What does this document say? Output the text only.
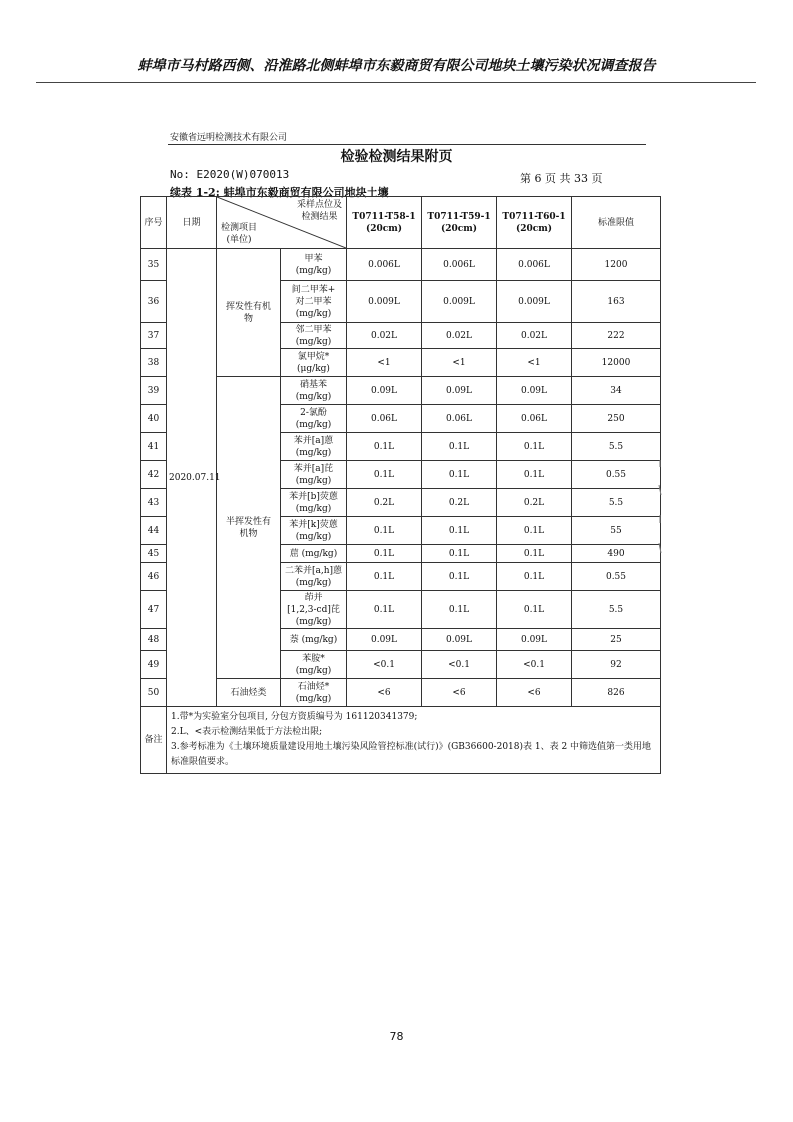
蚌埠市马村路西侧、沿淮路北侧蚌埠市东毅商贸有限公司地块土壤污染状况调查报告
安徽省远明检测技术有限公司
检验检测结果附页
No: E2020(W)070013	第 6 页 共 33 页
续表 1-2: 蚌埠市东毅商贸有限公司地块土壤
序号	日期	采样点位及
检测结果
检测项目
(单位)		T0711-T58-1
(20cm)	T0711-T59-1
(20cm)	T0711-T60-1
(20cm)	标准限值
35	2020.07.11	挥发性有机
物	甲苯
(mg/kg)	0.006L	0.006L	0.006L	1200
36			间二甲苯+
对二甲苯
(mg/kg)	0.009L	0.009L	0.009L	163
37			邻二甲苯
(mg/kg)	0.02L	0.02L	0.02L	222
38			氯甲烷*
(μg/kg)	<1	<1	<1	12000
39		半挥发性有
机物	硝基苯
(mg/kg)	0.09L	0.09L	0.09L	34
40			2-氯酚
(mg/kg)	0.06L	0.06L	0.06L	250
41			苯并[a]蒽
(mg/kg)	0.1L	0.1L	0.1L	5.5
42			苯并[a]芘
(mg/kg)	0.1L	0.1L	0.1L	0.55
43			苯并[b]荧蒽
(mg/kg)	0.2L	0.2L	0.2L	5.5
44			苯并[k]荧蒽
(mg/kg)	0.1L	0.1L	0.1L	55
45			䓛 (mg/kg)	0.1L	0.1L	0.1L	490
46			二苯并[a,h]蒽
(mg/kg)	0.1L	0.1L	0.1L	0.55
47			茚并
[1,2,3-cd]芘
(mg/kg)	0.1L	0.1L	0.1L	5.5
48			萘 (mg/kg)	0.09L	0.09L	0.09L	25
49			苯胺*
(mg/kg)	<0.1	<0.1	<0.1	92
50		石油烃类	石油烃*
(mg/kg)	<6	<6	<6	826
备注	1.带*为实验室分包项目, 分包方资质编号为 161120341379;
2.L、<表示检测结果低于方法检出限;
3.参考标准为《土壤环境质量建设用地土壤污染风险管控标准(试行)》(GB36600-2018)表 1、表 2 中筛选值第一类用地标准限值要求。						
78
